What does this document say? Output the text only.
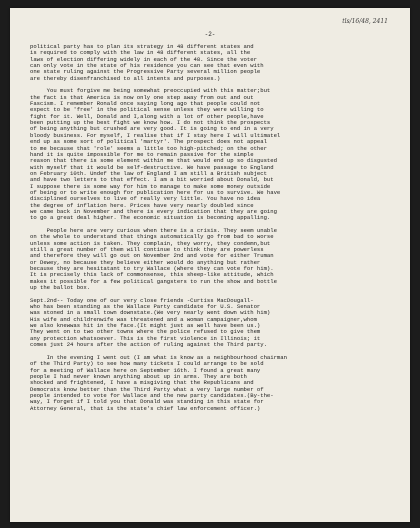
-2-
tls/16/48, 2411
political party has to plan its strategy in 48 different states and
is required to comply with the law in 48 different states, all the
laws of election differing widely in each of the 48. Since the voter
can only vote in the state of his residence you can see that even with
one state ruling against the Progressive Party several million people
are thereby disenfranchised to all intents and purposes.)
You must forgive me being somewhat preoccupied with this matter;but
the fact is that America is now only one step away from out and out
Fascism. I remember Ronald once saying long ago that people could not
expect to be 'free' in the political sense unless they were willing to
fight for it. Well, Donald and I,along with a lot of other people,have
been putting up the best fight we know how. I do not think the prospects
of being anything but crushed are very good. It is going to end in a very
bloody business. For myself, I realise that if I stay here I will ultimatel
end up as some sort of political 'martyr'. The prospect does not appeal
to me because that 'role' seems a little too high-pitched; on the other
hand it is quite impossible for me to remain passive for the simple
reason that there is some element within me that would end up so disgusted
with myself that it would be self-destructive. We have passage to England
on February 10th. Undef the law of England I am still a British subject
and have two letters to that effect. I am a bit worried about Donald, but
I suppose there is some way for him to manage to make some money outside
of being or to write enough for publication here for us to survive. We have
disciplined ourselves to live of really very little. You have no idea
the degree of inflation here. Prices have very nearly doubled since
we came back in November and there is every indication that they are going
to go a great deal higher. The economic situation is becoming appalling.
People here are very curious when there is a crisis. They seem unable
on the whole to understand that things automatically go from bad to worse
unless some action is taken. They complain, they worry, they condemn,but
still a great number of them will continue to think they are powerless
and therefore they will go out on November 2nd and vote for either Truman
or Dewey, no because they believe either would do anything but rather
because they are hesitatant to try Wallace (where they can vote for him).
It is precisely this lack of commonsense, this sheep-like attitude, which
makes it possible for a few political gangsters to run the show and bottle
up the ballot box.
Sept.2nd-- Today one of our very close friends -Curtiss MacDougall-
who has been standing as the Wallace Party candidate for U.S. Senator
was stoned in a small town downstate.(We very nearly went down with him)
His wife and childrenwife was threatened and a woman campaigner,whom
we also knewwas hit in the face.(It might just as well have been us.)
They went on to two other towns where the police refused to give them
any protection whatsoever. This is the first violence in Illinois; it
comes just 24 hours after the action of ruling against the Third party.
In the evening I went out (I am what is know as a neighbourhood chairman
of the Third Party) to see how many tickets I could arrange to be sold
for a meeting of Wallace here on September 16th. I found a great many
people I had never known anything about up in arms. They are both
shocked and frightened, I have a misgiving that the Republicans and
Democrats know better than the Third Party what a very large number of
people intended to vote for Wallace and the new party candidates.(By-the-
way, I forget if I told you that Donald was standing in this state for
Attorney General, that is the state's chief law enforcement officer.)
